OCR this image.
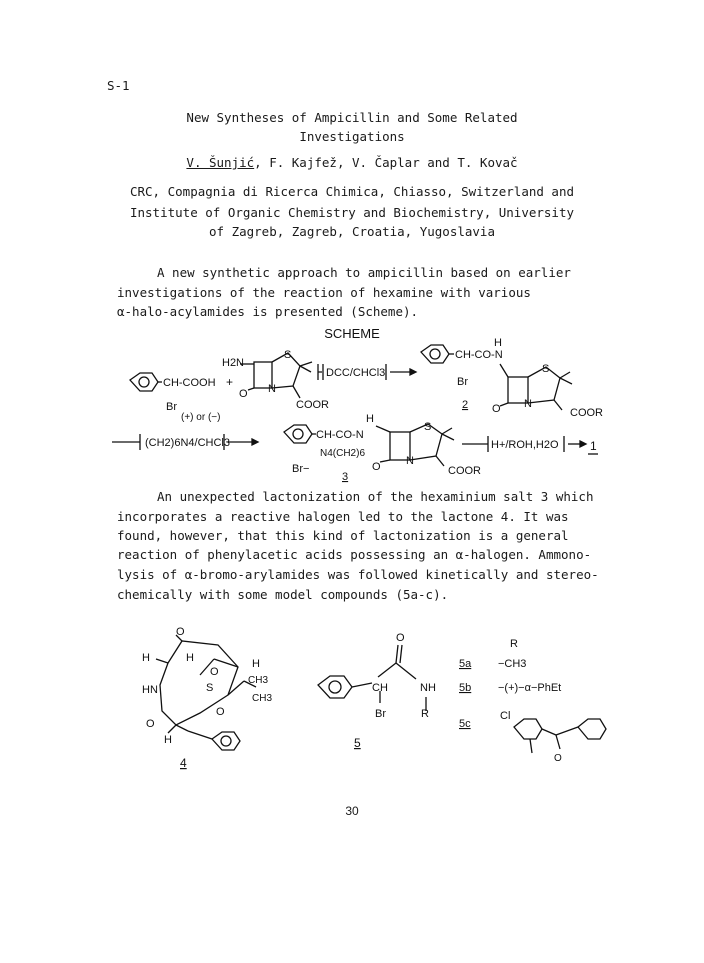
S-1
New Syntheses of Ampicillin and Some Related
Investigations
V. Šunjić, F. Kajfež, V. Čaplar and T. Kovač
CRC, Compagnia di Ricerca Chimica, Chiasso, Switzerland and
Institute of Organic Chemistry and Biochemistry, University
of Zagreb, Zagreb, Croatia, Yugoslavia
A new synthetic approach to ampicillin based on earlier
investigations of the reaction of hexamine with various
α-halo-acylamides is presented (Scheme).
SCHEME
CH-COOH +
Br
(+) or (−)
H2N
S
N
O
COOR
DCC/CHCl3
CH-CO-N
H
Br
S
N
O	COOR
2
(CH2)6N4/CHCl3
CH-CO-N
H
N4(CH2)6
Br−
3
S
N
O	COOR
H+/ROH,H2O	1
An unexpected lactonization of the hexaminium salt 3 which
incorporates a reactive halogen led to the lactone 4. It was
found, however, that this kind of lactonization is a general
reaction of phenylacetic acids possessing an α-halogen. Ammono-
lysis of α-bromo-arylamides was followed kinetically and stereo-
chemically with some model compounds (5a-c).
O
H	H
O
H
S
CH3
CH3
HN
O
O
H
4
O
CH	NH
Br	R
5
R
5a −CH3
5b −(+)−α−PhEt
5c
Cl
O
30
